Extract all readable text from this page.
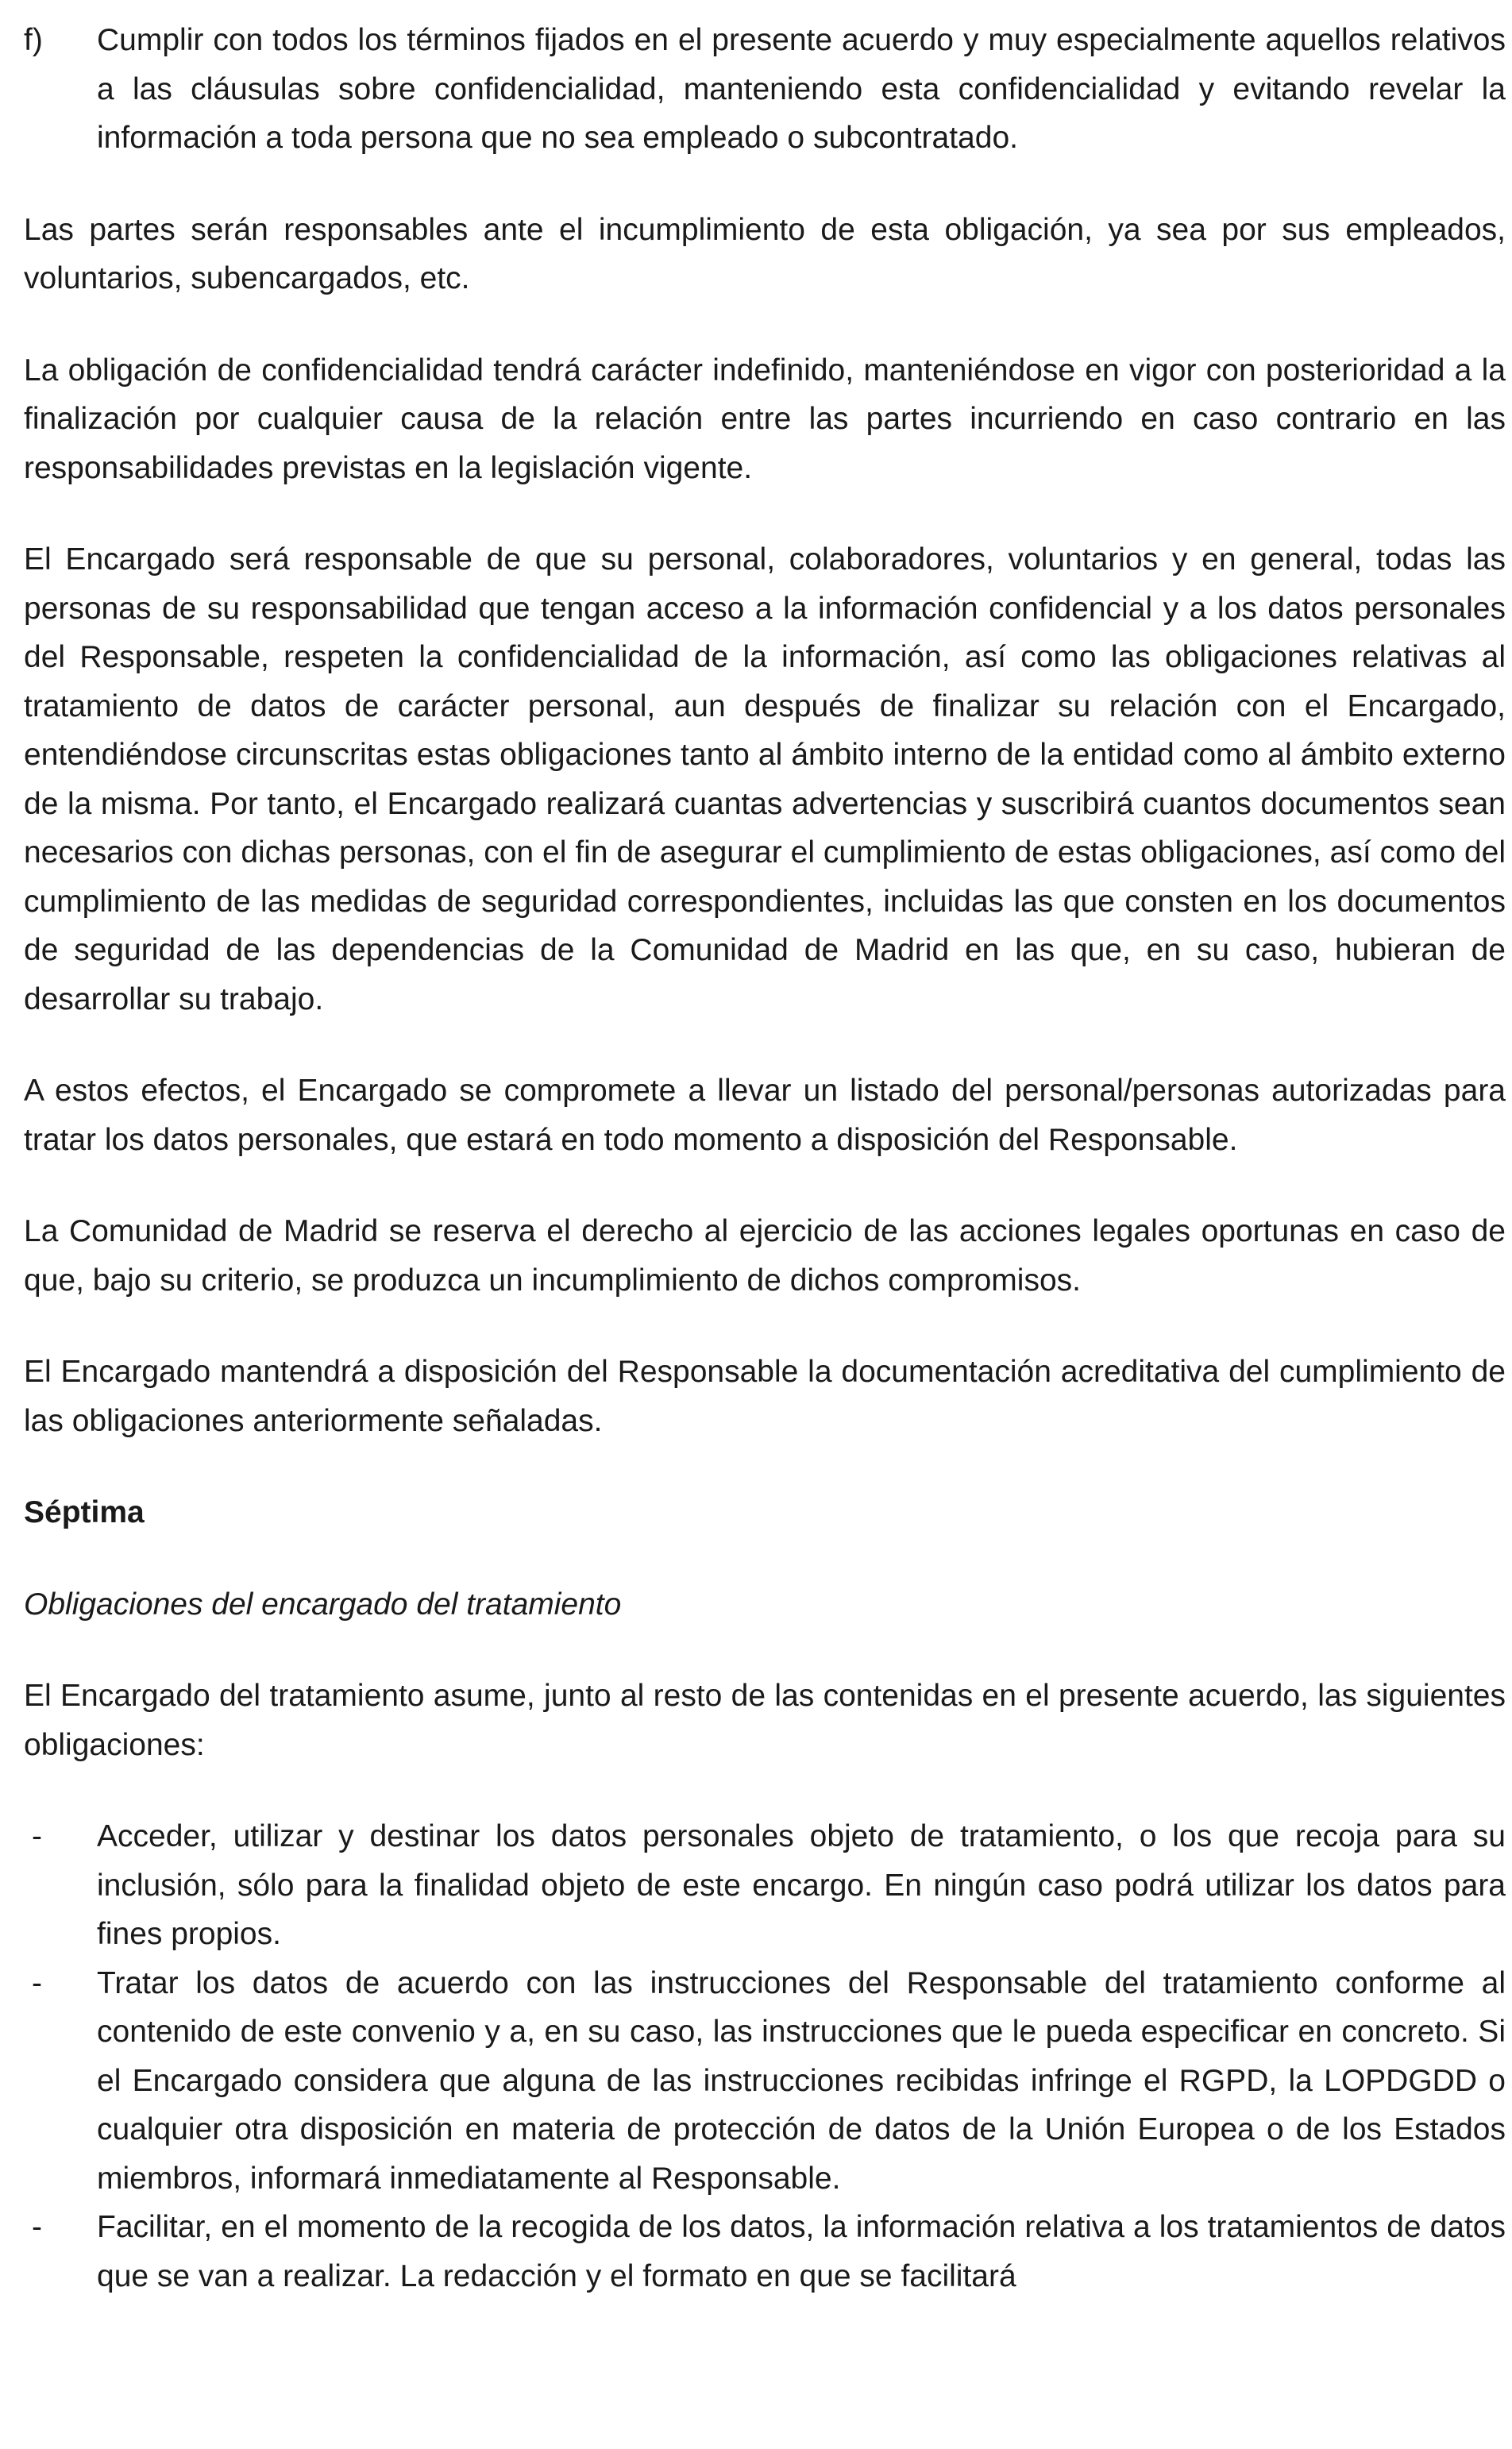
f)	Cumplir con todos los términos fijados en el presente acuerdo y muy especialmente aquellos relativos a las cláusulas sobre confidencialidad, manteniendo esta confidencialidad y evitando revelar la información a toda persona que no sea empleado o subcontratado.

Las partes serán responsables ante el incumplimiento de esta obligación, ya sea por sus empleados, voluntarios, subencargados, etc.

La obligación de confidencialidad tendrá carácter indefinido, manteniéndose en vigor con posterioridad a la finalización por cualquier causa de la relación entre las partes incurriendo en caso contrario en las responsabilidades previstas en la legislación vigente.

El Encargado será responsable de que su personal, colaboradores, voluntarios y en general, todas las personas de su responsabilidad que tengan acceso a la información confidencial y a los datos personales del Responsable, respeten la confidencialidad de la información, así como las obligaciones relativas al tratamiento de datos de carácter personal, aun después de finalizar su relación con el Encargado, entendiéndose circunscritas estas obligaciones tanto al ámbito interno de la entidad como al ámbito externo de la misma. Por tanto, el Encargado realizará cuantas advertencias y suscribirá cuantos documentos sean necesarios con dichas personas, con el fin de asegurar el cumplimiento de estas obligaciones, así como del cumplimiento de las medidas de seguridad correspondientes, incluidas las que consten en los documentos de seguridad de las dependencias de la Comunidad de Madrid en las que, en su caso, hubieran de desarrollar su trabajo.

A estos efectos, el Encargado se compromete a llevar un listado del personal/personas autorizadas para tratar los datos personales, que estará en todo momento a disposición del Responsable.

La Comunidad de Madrid se reserva el derecho al ejercicio de las acciones legales oportunas en caso de que, bajo su criterio, se produzca un incumplimiento de dichos compromisos.

El Encargado mantendrá a disposición del Responsable la documentación acreditativa del cumplimiento de las obligaciones anteriormente señaladas.

Séptima
Obligaciones del encargado del tratamiento

El Encargado del tratamiento asume, junto al resto de las contenidas en el presente acuerdo, las siguientes obligaciones:

-	Acceder, utilizar y destinar los datos personales objeto de tratamiento, o los que recoja para su inclusión, sólo para la finalidad objeto de este encargo. En ningún caso podrá utilizar los datos para fines propios.
-	Tratar los datos de acuerdo con las instrucciones del Responsable del tratamiento conforme al contenido de este convenio y a, en su caso, las instrucciones que le pueda especificar en concreto. Si el Encargado considera que alguna de las instrucciones recibidas infringe el RGPD, la LOPDGDD o cualquier otra disposición en materia de protección de datos de la Unión Europea o de los Estados miembros, informará inmediatamente al Responsable.
-	Facilitar, en el momento de la recogida de los datos, la información relativa a los tratamientos de datos que se van a realizar. La redacción y el formato en que se facilitará
